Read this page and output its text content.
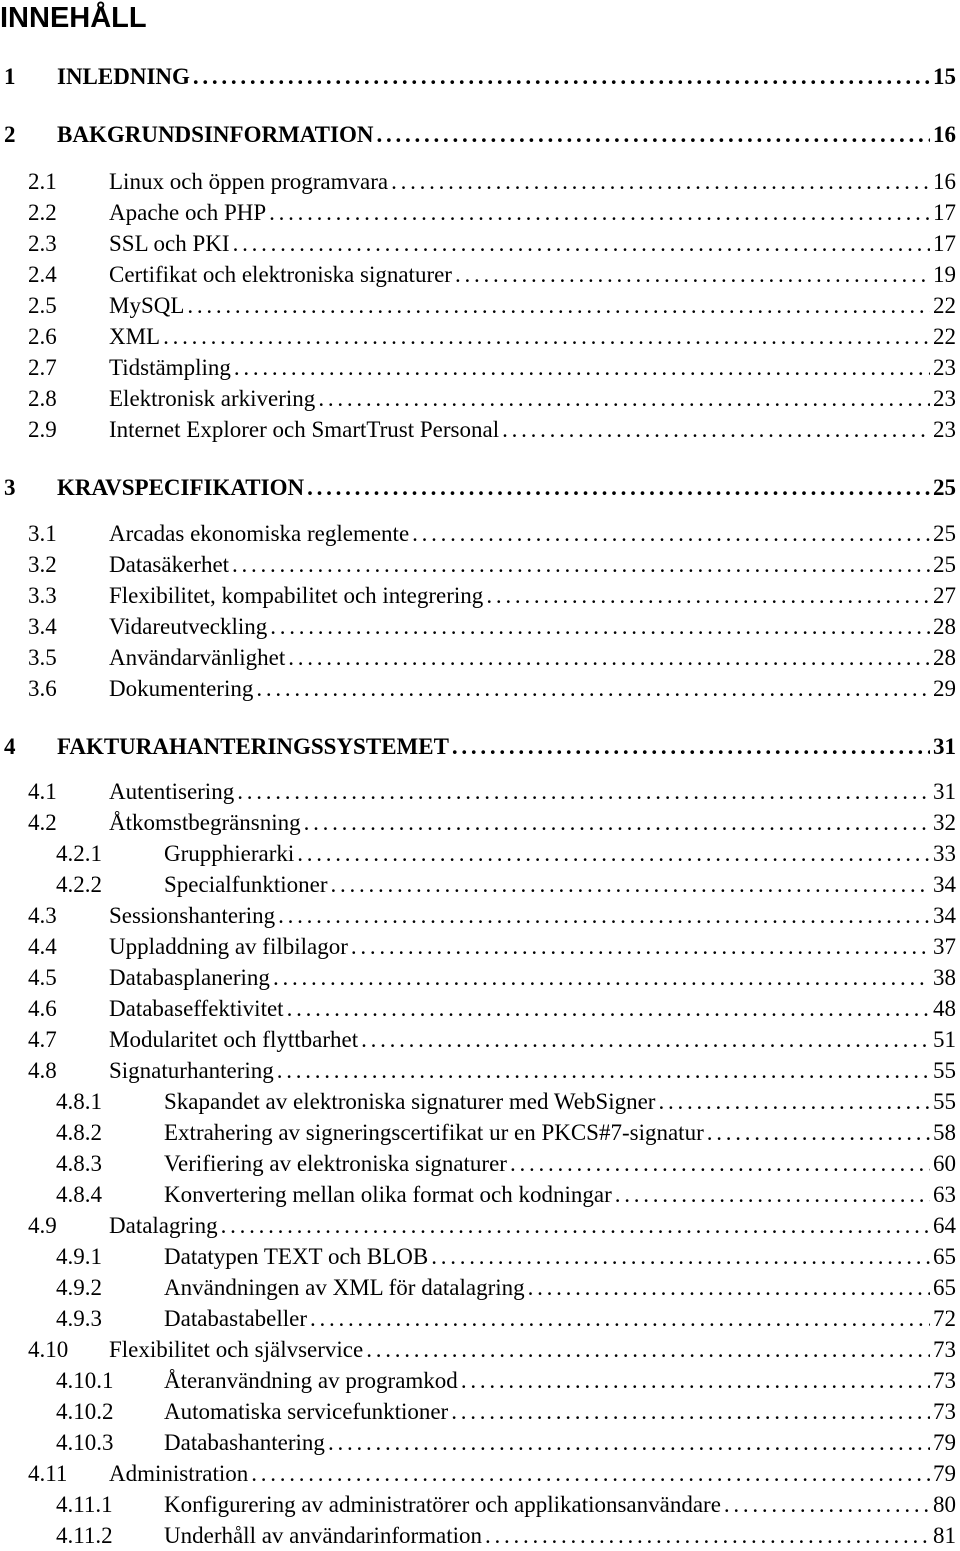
INNEHÅLL
1	INLEDNING . . .	15
2	BAKGRUNDSINFORMATION . . .	16
2.1	Linux och öppen programvara . . .	16
2.2	Apache och PHP . . .	17
2.3	SSL och PKI . . .	17
2.4	Certifikat och elektroniska signaturer . . .	19
2.5	MySQL . . .	22
2.6	XML . . .	22
2.7	Tidstämpling . . .	23
2.8	Elektronisk arkivering . . .	23
2.9	Internet Explorer och SmartTrust Personal . . .	23
3	KRAVSPECIFIKATION . . .	25
3.1	Arcadas ekonomiska reglemente . . .	25
3.2	Datasäkerhet . . .	25
3.3	Flexibilitet, kompabilitet och integrering . . .	27
3.4	Vidareutveckling . . .	28
3.5	Användarvänlighet . . .	28
3.6	Dokumentering . . .	29
4	FAKTURAHANTERINGSSYSTEMET . . .	31
4.1	Autentisering . . .	31
4.2	Åtkomstbegränsning . . .	32
4.2.1	Grupphierarki . . .	33
4.2.2	Specialfunktioner . . .	34
4.3	Sessionshantering . . .	34
4.4	Uppladdning av filbilagor . . .	37
4.5	Databasplanering . . .	38
4.6	Databaseffektivitet . . .	48
4.7	Modularitet och flyttbarhet . . .	51
4.8	Signaturhantering . . .	55
4.8.1	Skapandet av elektroniska signaturer med WebSigner . . .	55
4.8.2	Extrahering av signeringscertifikat ur en PKCS#7-signatur . . .	58
4.8.3	Verifiering av elektroniska signaturer . . .	60
4.8.4	Konvertering mellan olika format och kodningar . . .	63
4.9	Datalagring . . .	64
4.9.1	Datatypen TEXT och BLOB . . .	65
4.9.2	Användningen av XML för datalagring . . .	65
4.9.3	Databastabeller . . .	72
4.10	Flexibilitet och självservice . . .	73
4.10.1	Återanvändning av programkod . . .	73
4.10.2	Automatiska servicefunktioner . . .	73
4.10.3	Databashantering . . .	79
4.11	Administration . . .	79
4.11.1	Konfigurering av administratörer och applikationsanvändare . . .	80
4.11.2	Underhåll av användarinformation . . .	81
